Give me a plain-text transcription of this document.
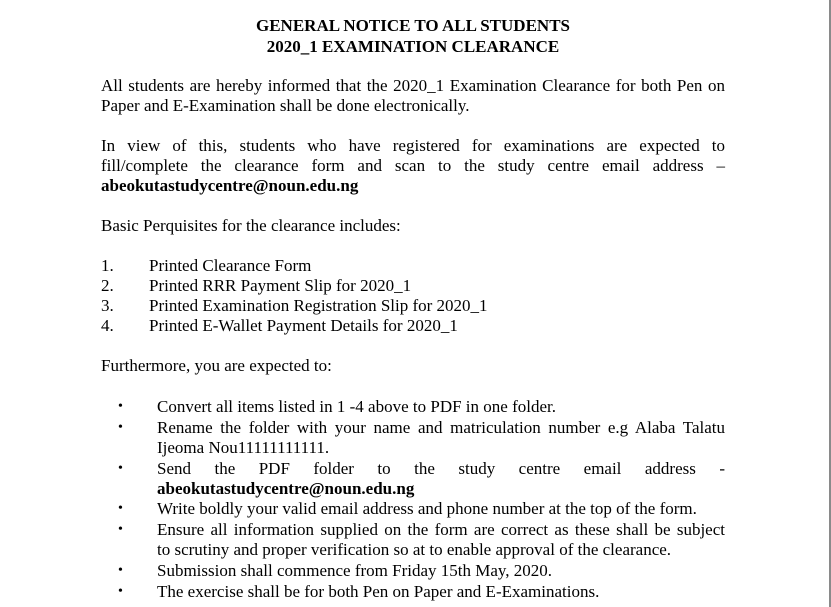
GENERAL NOTICE TO ALL STUDENTS
2020_1 EXAMINATION CLEARANCE
All students are hereby informed that the 2020_1 Examination Clearance for both Pen on
Paper and E-Examination shall be done electronically.
In view of this, students who have registered for examinations are expected to
fill/complete the clearance form and scan to the study centre email address –
abeokutastudycentre@noun.edu.ng
Basic Perquisites for the clearance includes:
1. Printed Clearance Form
2. Printed RRR Payment Slip for 2020_1
3. Printed Examination Registration Slip for 2020_1
4. Printed E-Wallet Payment Details for 2020_1
Furthermore, you are expected to:
• Convert all items listed in 1 -4 above to PDF in one folder.
• Rename the folder with your name and matriculation number e.g Alaba Talatu
Ijeoma Nou11111111111.
• Send the PDF folder to the study centre email address -
abeokutastudycentre@noun.edu.ng
• Write boldly your valid email address and phone number at the top of the form.
• Ensure all information supplied on the form are correct as these shall be subject
to scrutiny and proper verification so at to enable approval of the clearance.
• Submission shall commence from Friday 15th May, 2020.
• The exercise shall be for both Pen on Paper and E-Examinations.
